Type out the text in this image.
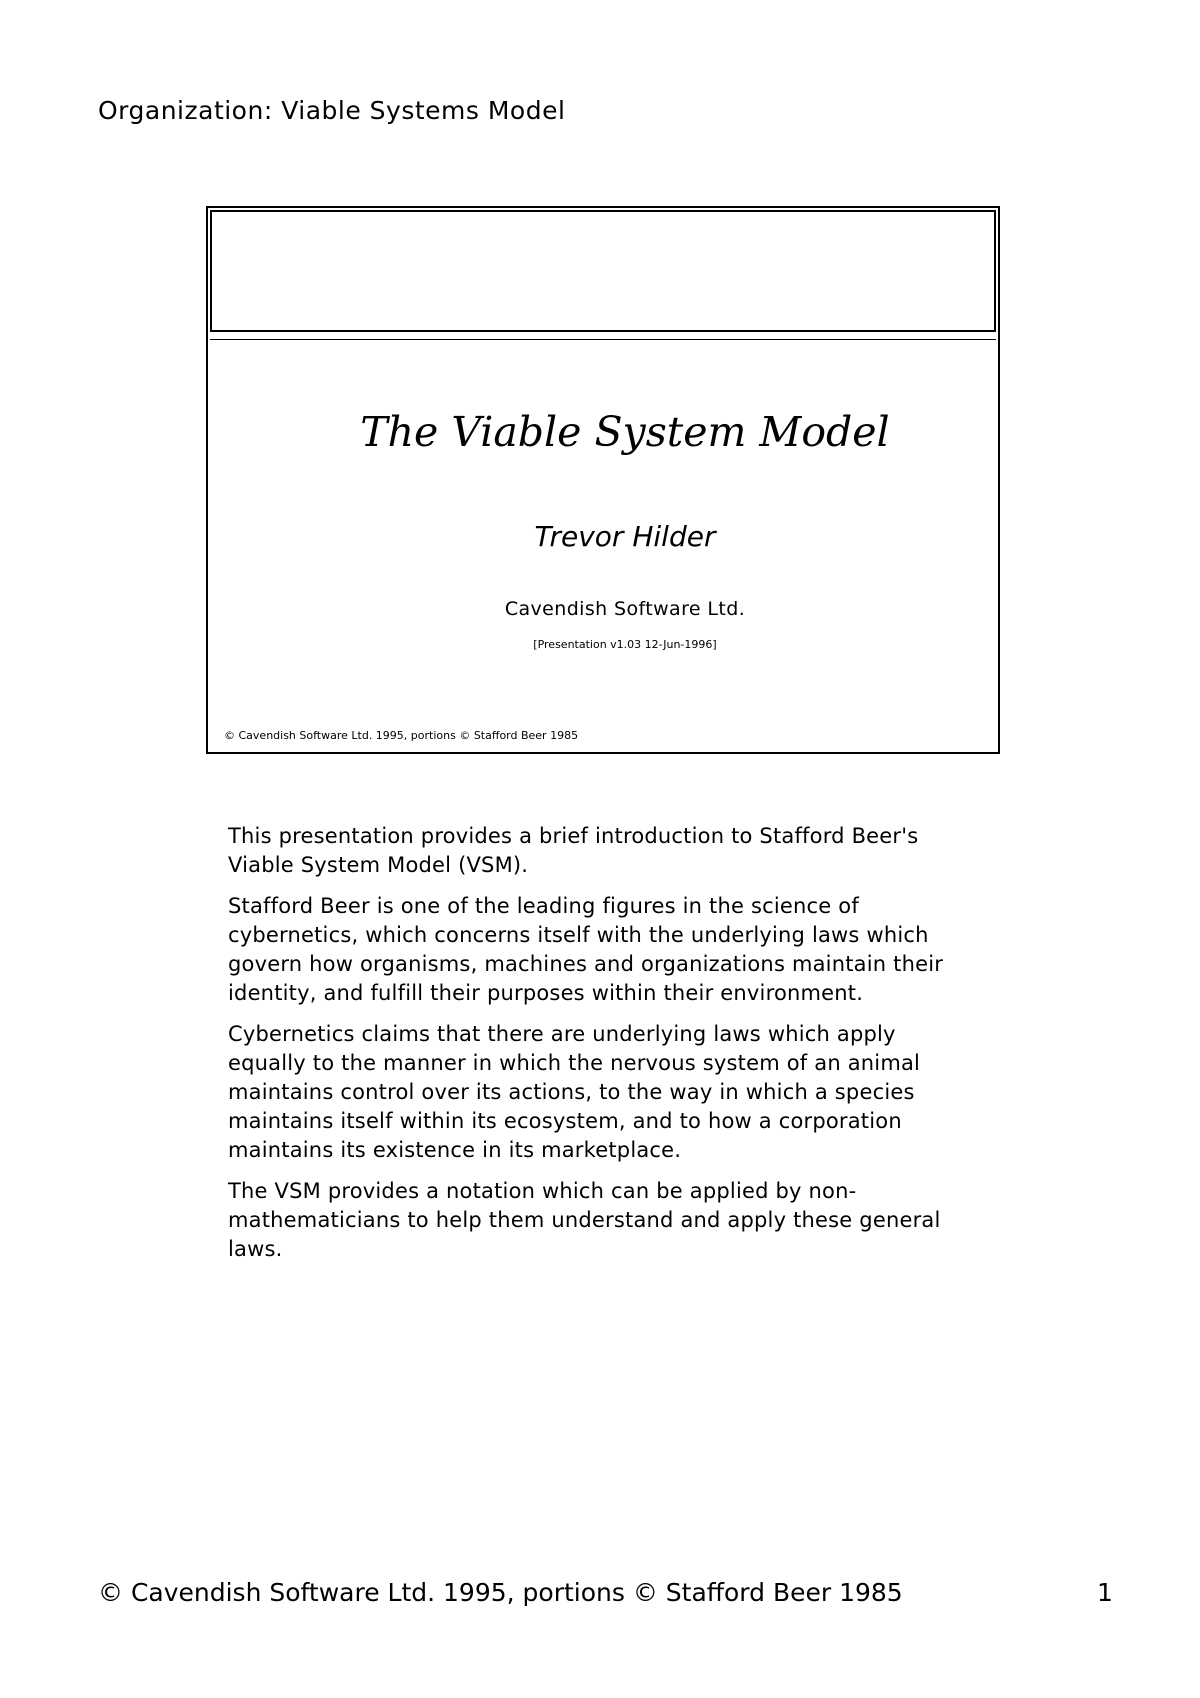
Organization: Viable Systems Model
The Viable System Model
Trevor Hilder
Cavendish Software Ltd.
[Presentation v1.03 12-Jun-1996]
© Cavendish Software Ltd. 1995, portions © Stafford Beer 1985

This presentation provides a brief introduction to Stafford Beer's Viable System Model (VSM).

Stafford Beer is one of the leading figures in the science of cybernetics, which concerns itself with the underlying laws which govern how organisms, machines and organizations maintain their identity, and fulfill their purposes within their environment.

Cybernetics claims that there are underlying laws which apply equally to the manner in which the nervous system of an animal maintains control over its actions, to the way in which a species maintains itself within its ecosystem, and to how a corporation maintains its existence in its marketplace.

The VSM provides a notation which can be applied by non-mathematicians to help them understand and apply these general laws.

© Cavendish Software Ltd. 1995, portions © Stafford Beer 1985	1
